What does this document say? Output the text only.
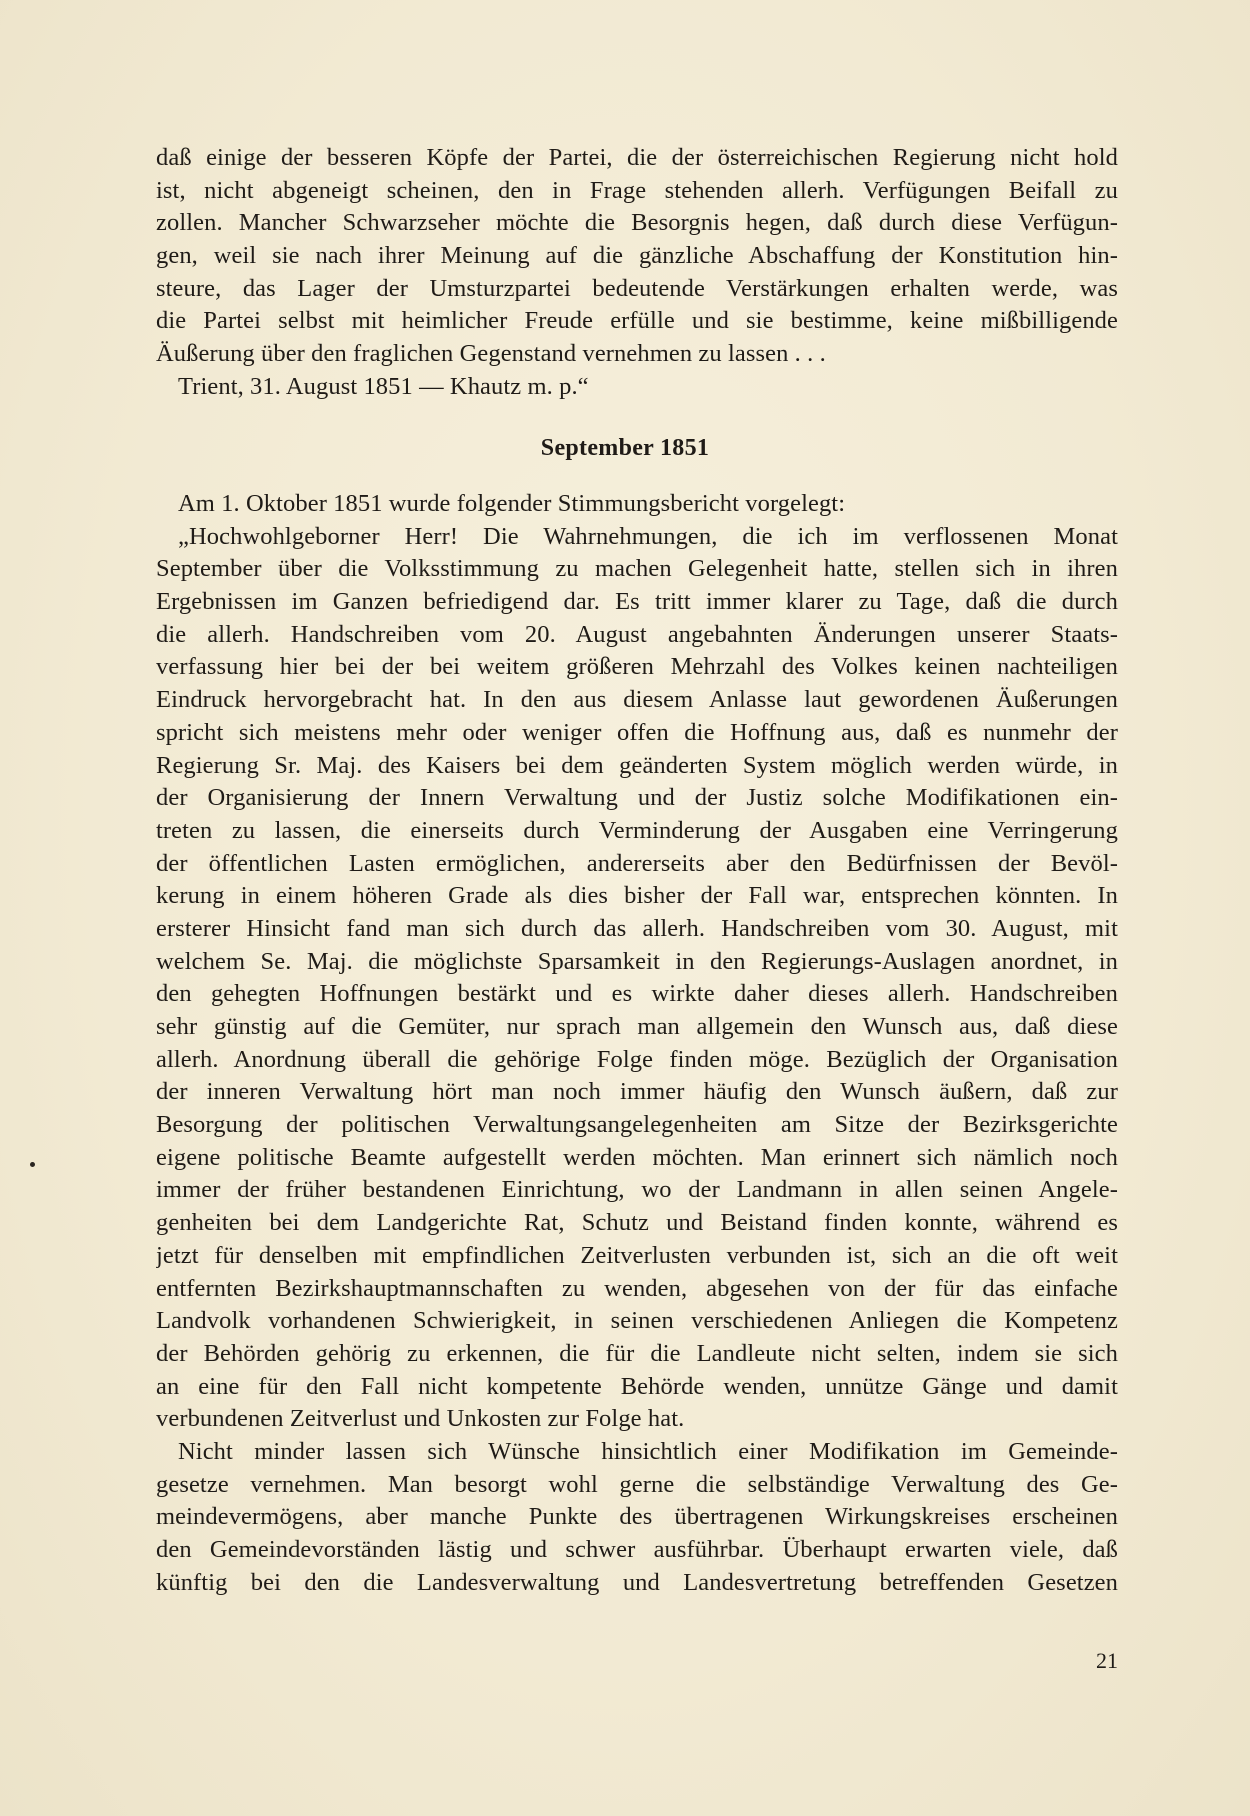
daß einige der besseren Köpfe der Partei, die der österreichischen Regierung nicht hold
ist, nicht abgeneigt scheinen, den in Frage stehenden allerh. Verfügungen Beifall zu
zollen. Mancher Schwarzseher möchte die Besorgnis hegen, daß durch diese Verfügun-
gen, weil sie nach ihrer Meinung auf die gänzliche Abschaffung der Konstitution hin-
steure, das Lager der Umsturzpartei bedeutende Verstärkungen erhalten werde, was
die Partei selbst mit heimlicher Freude erfülle und sie bestimme, keine mißbilligende
Äußerung über den fraglichen Gegenstand vernehmen zu lassen . . .
Trient, 31. August 1851 — Khautz m. p.“
September 1851
Am 1. Oktober 1851 wurde folgender Stimmungsbericht vorgelegt:
„Hochwohlgeborner Herr! Die Wahrnehmungen, die ich im verflossenen Monat
September über die Volksstimmung zu machen Gelegenheit hatte, stellen sich in ihren
Ergebnissen im Ganzen befriedigend dar. Es tritt immer klarer zu Tage, daß die durch
die allerh. Handschreiben vom 20. August angebahnten Änderungen unserer Staats-
verfassung hier bei der bei weitem größeren Mehrzahl des Volkes keinen nachteiligen
Eindruck hervorgebracht hat. In den aus diesem Anlasse laut gewordenen Äußerungen
spricht sich meistens mehr oder weniger offen die Hoffnung aus, daß es nunmehr der
Regierung Sr. Maj. des Kaisers bei dem geänderten System möglich werden würde, in
der Organisierung der Innern Verwaltung und der Justiz solche Modifikationen ein-
treten zu lassen, die einerseits durch Verminderung der Ausgaben eine Verringerung
der öffentlichen Lasten ermöglichen, andererseits aber den Bedürfnissen der Bevöl-
kerung in einem höheren Grade als dies bisher der Fall war, entsprechen könnten. In
ersterer Hinsicht fand man sich durch das allerh. Handschreiben vom 30. August, mit
welchem Se. Maj. die möglichste Sparsamkeit in den Regierungs-Auslagen anordnet, in
den gehegten Hoffnungen bestärkt und es wirkte daher dieses allerh. Handschreiben
sehr günstig auf die Gemüter, nur sprach man allgemein den Wunsch aus, daß diese
allerh. Anordnung überall die gehörige Folge finden möge. Bezüglich der Organisation
der inneren Verwaltung hört man noch immer häufig den Wunsch äußern, daß zur
Besorgung der politischen Verwaltungsangelegenheiten am Sitze der Bezirksgerichte
eigene politische Beamte aufgestellt werden möchten. Man erinnert sich nämlich noch
immer der früher bestandenen Einrichtung, wo der Landmann in allen seinen Angele-
genheiten bei dem Landgerichte Rat, Schutz und Beistand finden konnte, während es
jetzt für denselben mit empfindlichen Zeitverlusten verbunden ist, sich an die oft weit
entfernten Bezirkshauptmannschaften zu wenden, abgesehen von der für das einfache
Landvolk vorhandenen Schwierigkeit, in seinen verschiedenen Anliegen die Kompetenz
der Behörden gehörig zu erkennen, die für die Landleute nicht selten, indem sie sich
an eine für den Fall nicht kompetente Behörde wenden, unnütze Gänge und damit
verbundenen Zeitverlust und Unkosten zur Folge hat.
Nicht minder lassen sich Wünsche hinsichtlich einer Modifikation im Gemeinde-
gesetze vernehmen. Man besorgt wohl gerne die selbständige Verwaltung des Ge-
meindevermögens, aber manche Punkte des übertragenen Wirkungskreises erscheinen
den Gemeindevorständen lästig und schwer ausführbar. Überhaupt erwarten viele, daß
künftig bei den die Landesverwaltung und Landesvertretung betreffenden Gesetzen
21
